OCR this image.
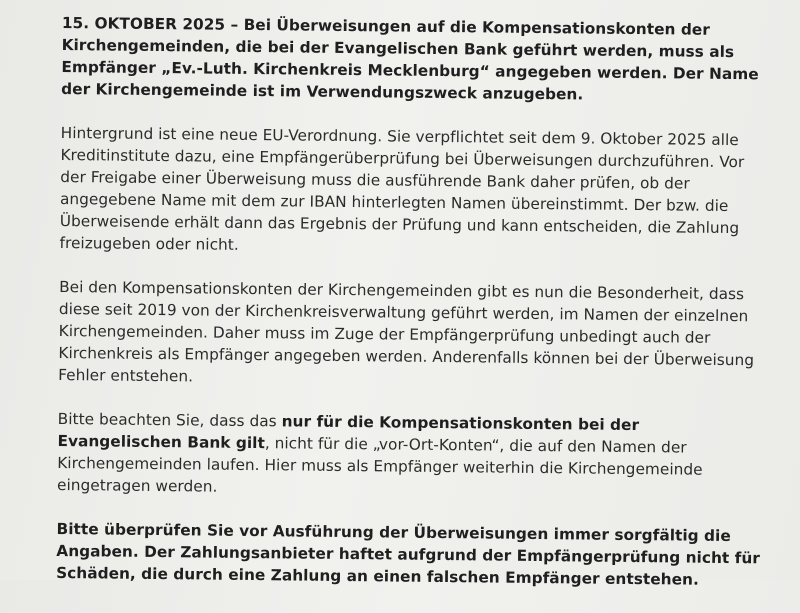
15. OKTOBER 2025 – Bei Überweisungen auf die Kompensationskonten der Kirchengemeinden, die bei der Evangelischen Bank geführt werden, muss als Empfänger „Ev.-Luth. Kirchenkreis Mecklenburg“ angegeben werden. Der Name der Kirchengemeinde ist im Verwendungszweck anzugeben.

Hintergrund ist eine neue EU-Verordnung. Sie verpflichtet seit dem 9. Oktober 2025 alle Kreditinstitute dazu, eine Empfängerüberprüfung bei Überweisungen durchzuführen. Vor der Freigabe einer Überweisung muss die ausführende Bank daher prüfen, ob der angegebene Name mit dem zur IBAN hinterlegten Namen übereinstimmt. Der bzw. die Überweisende erhält dann das Ergebnis der Prüfung und kann entscheiden, die Zahlung freizugeben oder nicht.

Bei den Kompensationskonten der Kirchengemeinden gibt es nun die Besonderheit, dass diese seit 2019 von der Kirchenkreisverwaltung geführt werden, im Namen der einzelnen Kirchengemeinden. Daher muss im Zuge der Empfängerprüfung unbedingt auch der Kirchenkreis als Empfänger angegeben werden. Anderenfalls können bei der Überweisung Fehler entstehen.

Bitte beachten Sie, dass das nur für die Kompensationskonten bei der Evangelischen Bank gilt, nicht für die „vor-Ort-Konten“, die auf den Namen der Kirchengemeinden laufen. Hier muss als Empfänger weiterhin die Kirchengemeinde eingetragen werden.

Bitte überprüfen Sie vor Ausführung der Überweisungen immer sorgfältig die Angaben. Der Zahlungsanbieter haftet aufgrund der Empfängerprüfung nicht für Schäden, die durch eine Zahlung an einen falschen Empfänger entstehen.
